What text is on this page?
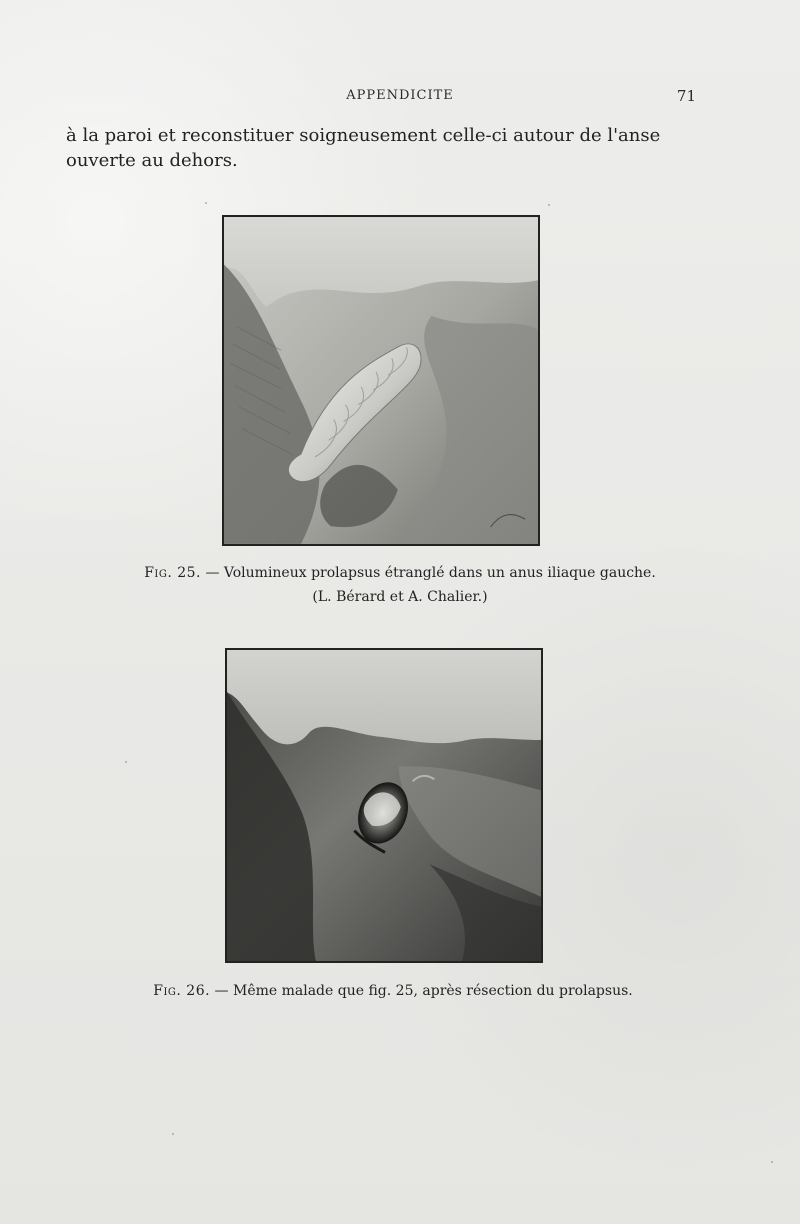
APPENDICITE	71

à la paroi et reconstituer soigneusement celle-ci autour de l'anse ouverte au dehors.

Fig. 25. — Volumineux prolapsus étranglé dans un anus iliaque gauche.
(L. Bérard et A. Chalier.)
Fig. 26. — Même malade que fig. 25, après résection du prolapsus.
